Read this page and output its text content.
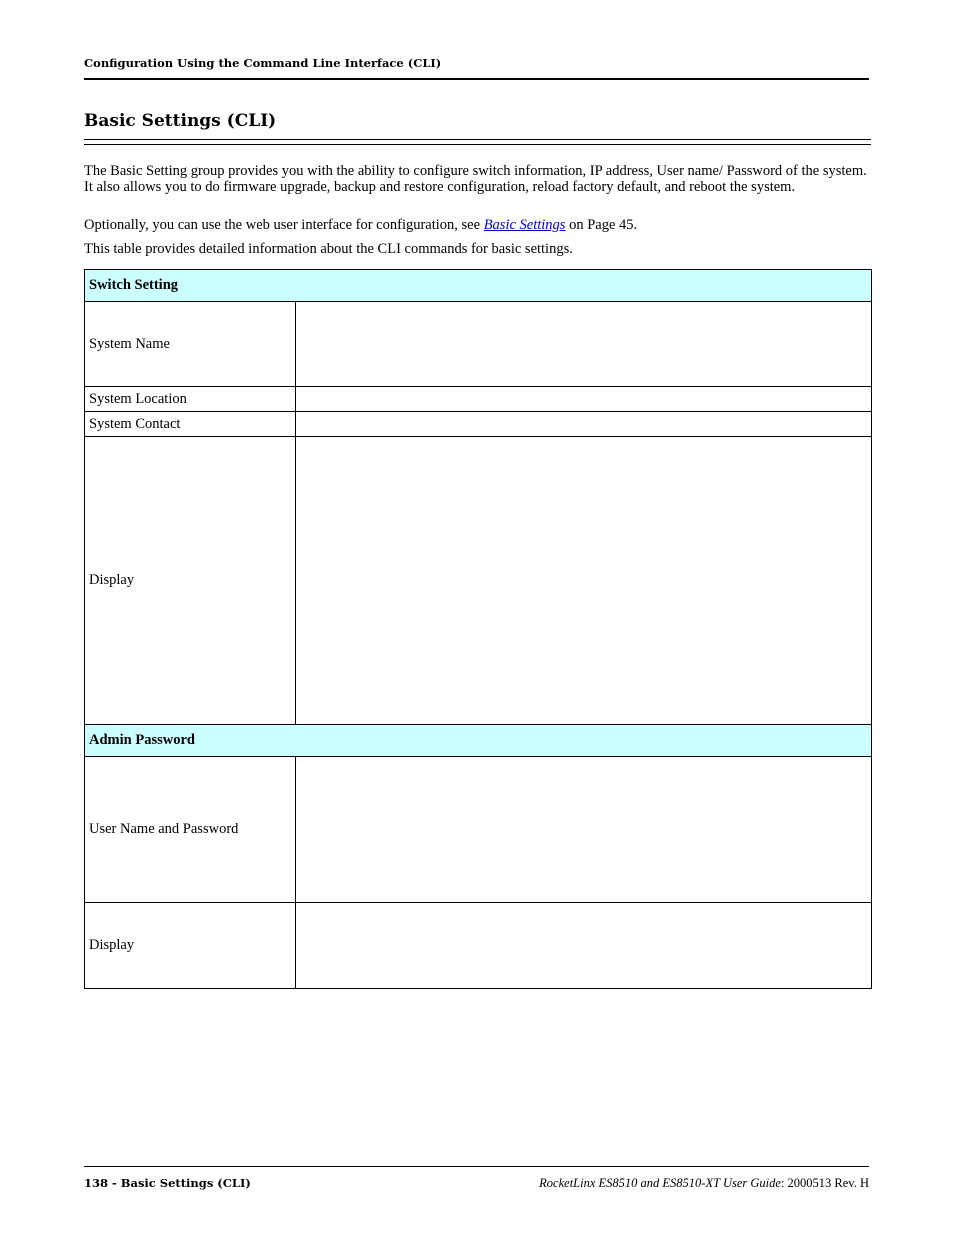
Configuration Using the Command Line Interface (CLI)
Basic Settings (CLI)
The Basic Setting group provides you with the ability to configure switch information, IP address, User name/ Password of the system. It also allows you to do firmware upgrade, backup and restore configuration, reload factory default, and reboot the system.
Optionally, you can use the web user interface for configuration, see Basic Settings on Page 45.
This table provides detailed information about the CLI commands for basic settings.
Switch Setting	
System Name	
System Location	
System Contact	
Display	
Admin Password	
User Name and Password	
Display	
138 - Basic Settings (CLI)	RocketLinx ES8510 and ES8510-XT User Guide: 2000513 Rev. H
